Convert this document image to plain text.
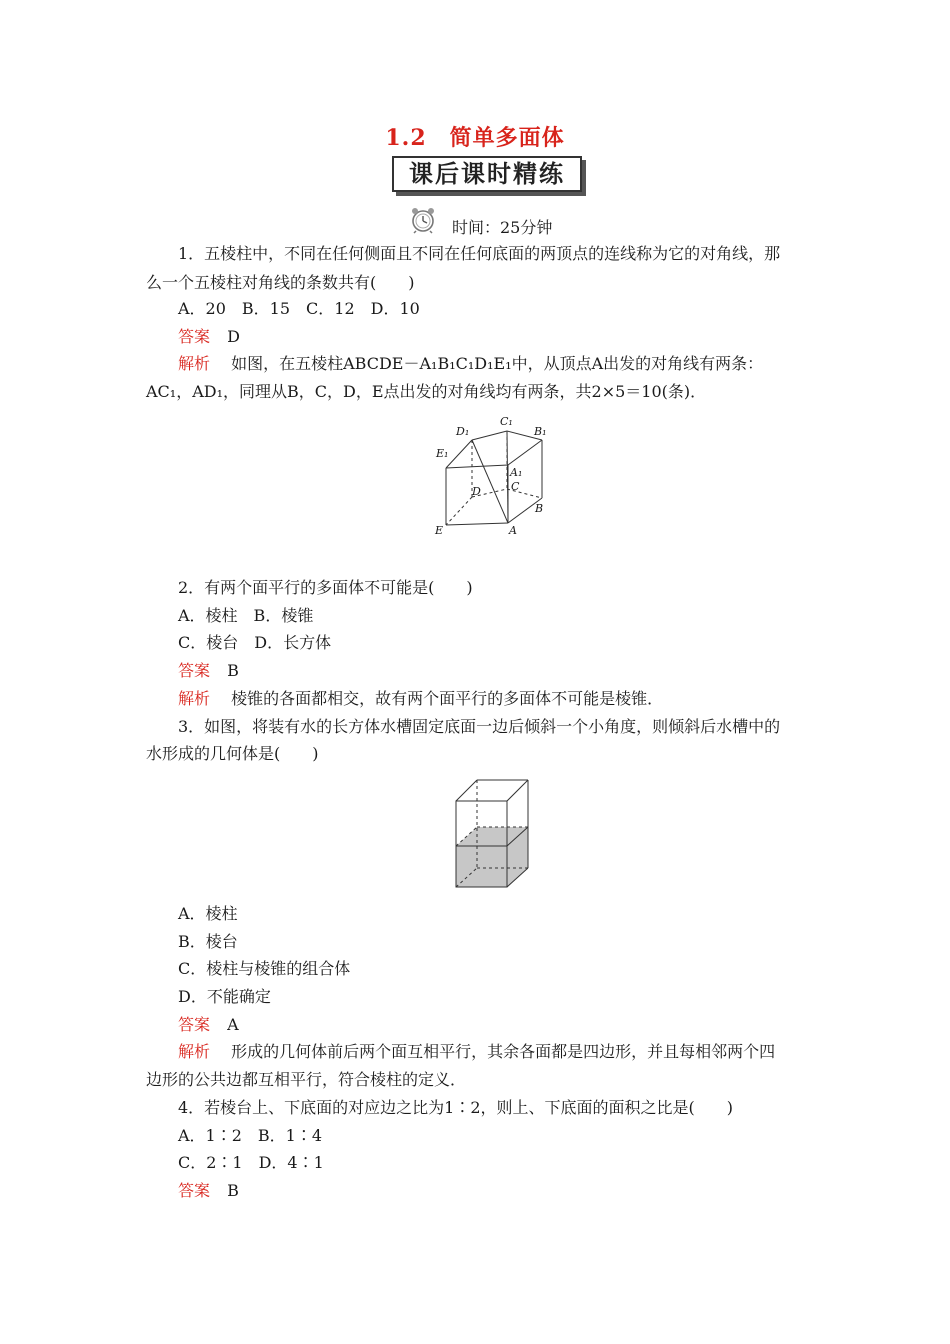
1.2　简单多面体
课后课时精练
时间：25分钟
1．五棱柱中，不同在任何侧面且不同在任何底面的两顶点的连线称为它的对角线，那
么一个五棱柱对角线的条数共有(　　)
A．20　B．15　C．12　D．10
答案 D
解析 如图，在五棱柱ABCDE－A₁B₁C₁D₁E₁中，从顶点A出发的对角线有两条：
AC₁，AD₁，同理从B，C，D，E点出发的对角线均有两条，共2×5＝10(条)．
D₁
C₁
B₁
E₁
A₁
C
D
B
E	A
2．有两个面平行的多面体不可能是(　　)
A．棱柱　B．棱锥
C．棱台　D．长方体
答案 B
解析 棱锥的各面都相交，故有两个面平行的多面体不可能是棱锥．
3．如图，将装有水的长方体水槽固定底面一边后倾斜一个小角度，则倾斜后水槽中的
水形成的几何体是(　　)
A．棱柱
B．棱台
C．棱柱与棱锥的组合体
D．不能确定
答案 A
解析 形成的几何体前后两个面互相平行，其余各面都是四边形，并且每相邻两个四
边形的公共边都互相平行，符合棱柱的定义．
4．若棱台上、下底面的对应边之比为1∶2，则上、下底面的面积之比是(　　)
A．1∶2　B．1∶4
C．2∶1　D．4∶1
答案 B
